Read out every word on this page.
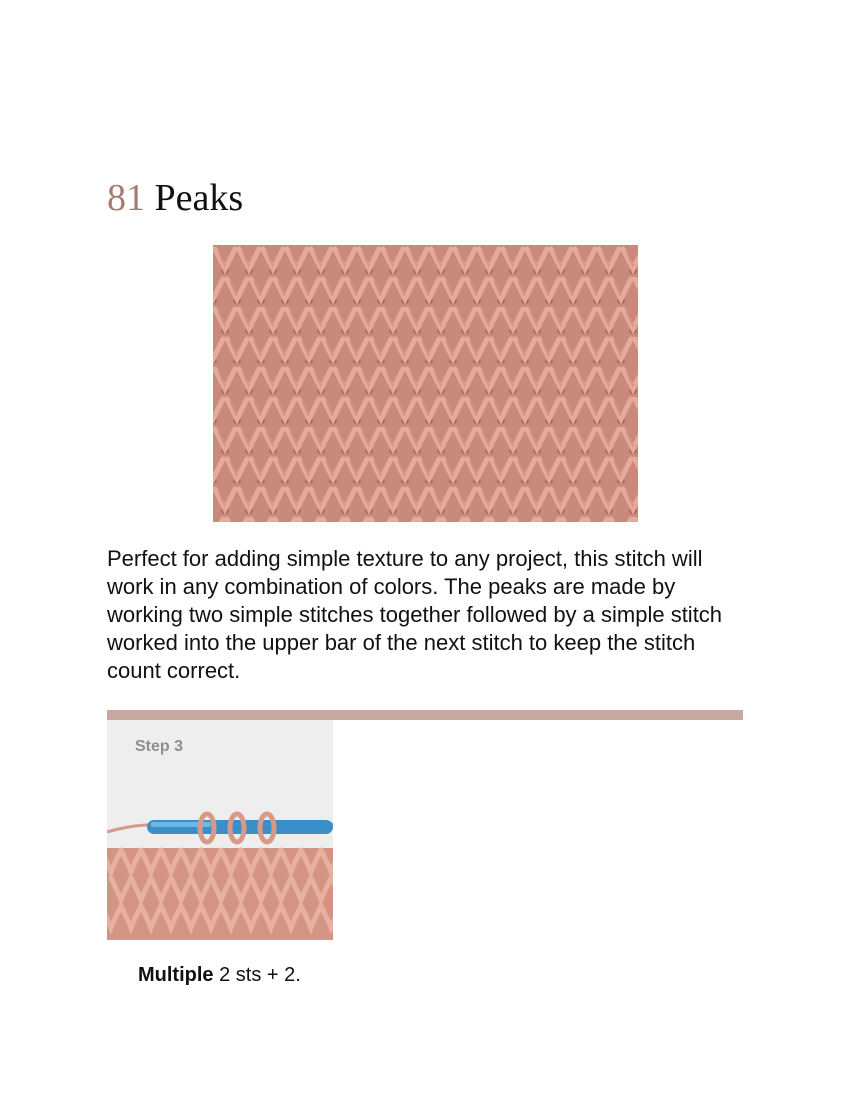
81 Peaks

Perfect for adding simple texture to any project, this stitch will work in any combination of colors. The peaks are made by working two simple stitches together followed by a simple stitch worked into the upper bar of the next stitch to keep the stitch count correct.

Step 3

Multiple 2 sts + 2.
